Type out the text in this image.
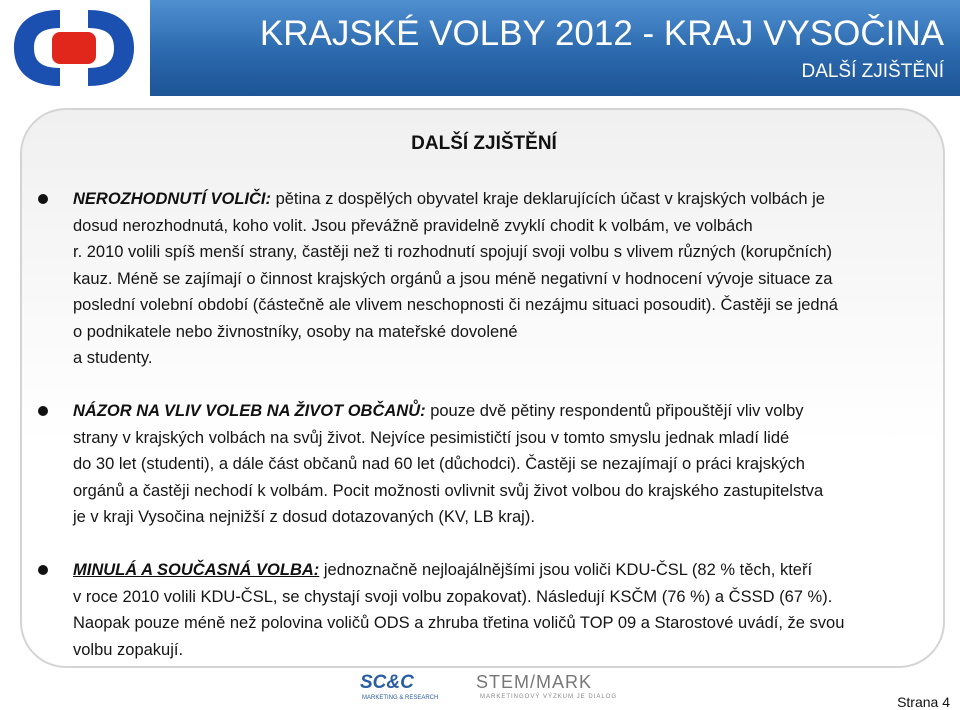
KRAJSKÉ VOLBY 2012 - KRAJ VYSOČINA
DALŠÍ ZJIŠTĚNÍ
DALŠÍ ZJIŠTĚNÍ
NEROZHODNUTÍ VOLIČI: pětina z dospělých obyvatel kraje deklarujících účast v krajských volbách je
dosud nerozhodnutá, koho volit. Jsou převážně pravidelně zvyklí chodit k volbám, ve volbách
r. 2010 volili spíš menší strany, častěji než ti rozhodnutí spojují svoji volbu s vlivem různých (korupčních)
kauz. Méně se zajímají o činnost krajských orgánů a jsou méně negativní v hodnocení vývoje situace za
poslední volební období (částečně ale vlivem neschopnosti či nezájmu situaci posoudit). Častěji se jedná
o podnikatele nebo živnostníky, osoby na mateřské dovolené
a studenty.
NÁZOR NA VLIV VOLEB NA ŽIVOT OBČANŮ: pouze dvě pětiny respondentů připouštějí vliv volby
strany v krajských volbách na svůj život. Nejvíce pesimističtí jsou v tomto smyslu jednak mladí lidé
do 30 let (studenti), a dále část občanů nad 60 let (důchodci). Častěji se nezajímají o práci krajských
orgánů a častěji nechodí k volbám. Pocit možnosti ovlivnit svůj život volbou do krajského zastupitelstva
je v kraji Vysočina nejnižší z dosud dotazovaných (KV, LB kraj).
MINULÁ A SOUČASNÁ VOLBA: jednoznačně nejloajálnějšími jsou voliči KDU-ČSL (82 % těch, kteří
v roce 2010 volili KDU-ČSL, se chystají svoji volbu zopakovat). Následují KSČM (76 %) a ČSSD (67 %).
Naopak pouze méně než polovina voličů ODS a zhruba třetina voličů TOP 09 a Starostové uvádí, že svou
volbu zopakují.
SC&C
MARKETING & RESEARCH
STEM/MARK
MARKETINGOVÝ VÝZKUM JE DIALOG	Strana 4
